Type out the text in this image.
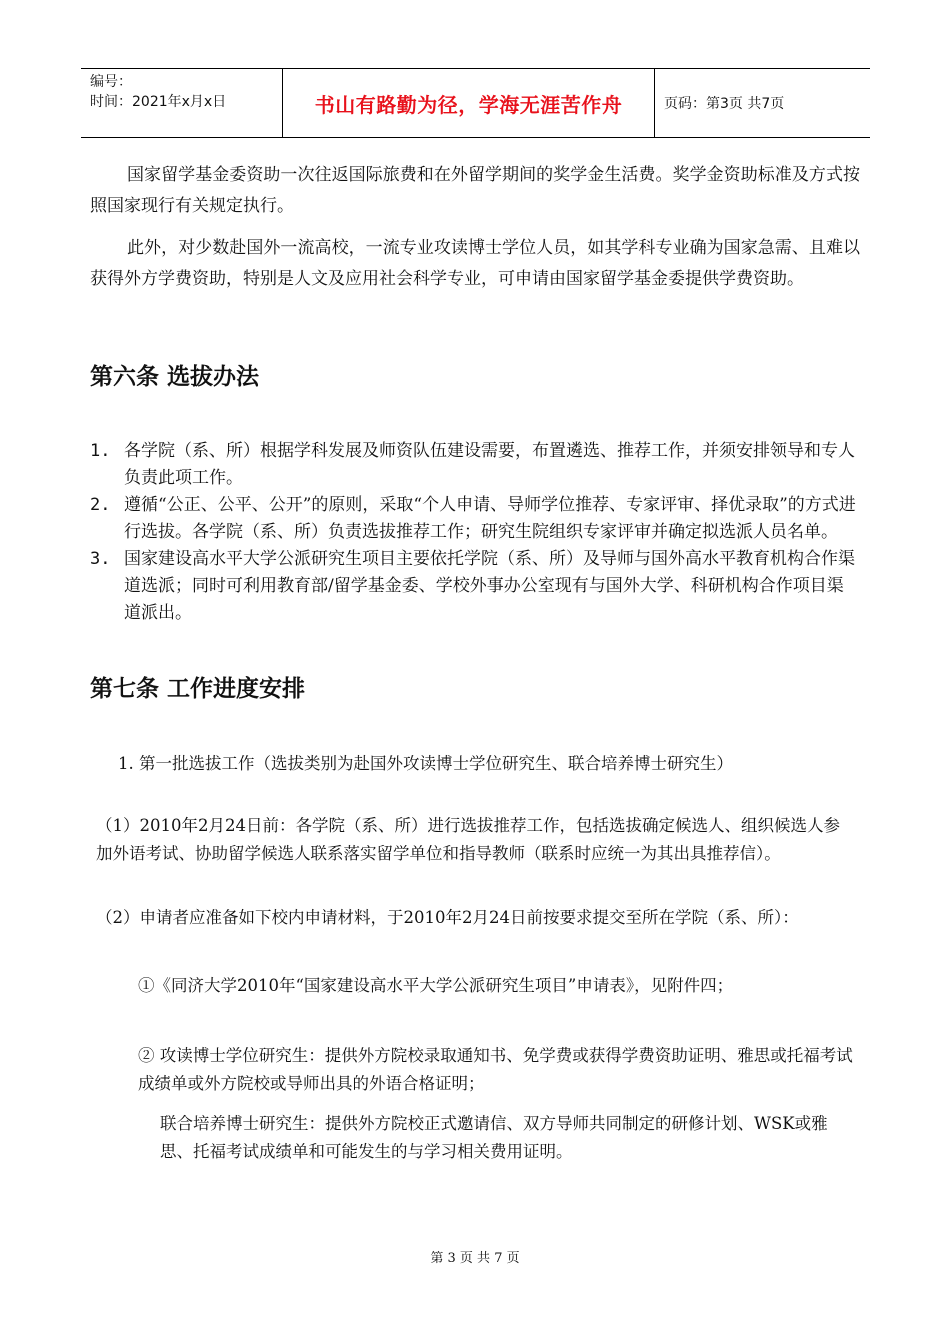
编号：
时间：2021年x月x日	书山有路勤为径，学海无涯苦作舟	页码：第3页 共7页
国家留学基金委资助一次往返国际旅费和在外留学期间的奖学金生活费。奖学金资助标准及方式按照国家现行有关规定执行。
此外，对少数赴国外一流高校，一流专业攻读博士学位人员，如其学科专业确为国家急需、且难以获得外方学费资助，特别是人文及应用社会科学专业，可申请由国家留学基金委提供学费资助。
第六条 选拔办法
1. 各学院（系、所）根据学科发展及师资队伍建设需要，布置遴选、推荐工作，并须安排领导和专人负责此项工作。
2. 遵循“公正、公平、公开”的原则，采取“个人申请、导师学位推荐、专家评审、择优录取”的方式进行选拔。各学院（系、所）负责选拔推荐工作；研究生院组织专家评审并确定拟选派人员名单。
3. 国家建设高水平大学公派研究生项目主要依托学院（系、所）及导师与国外高水平教育机构合作渠道选派；同时可利用教育部/留学基金委、学校外事办公室现有与国外大学、科研机构合作项目渠道派出。
第七条 工作进度安排
1. 第一批选拔工作（选拔类别为赴国外攻读博士学位研究生、联合培养博士研究生）
（1）2010年2月24日前：各学院（系、所）进行选拔推荐工作，包括选拔确定候选人、组织候选人参加外语考试、协助留学候选人联系落实留学单位和指导教师（联系时应统一为其出具推荐信）。
（2）申请者应准备如下校内申请材料，于2010年2月24日前按要求提交至所在学院（系、所）：
①《同济大学2010年“国家建设高水平大学公派研究生项目”申请表》，见附件四；
② 攻读博士学位研究生：提供外方院校录取通知书、免学费或获得学费资助证明、雅思或托福考试成绩单或外方院校或导师出具的外语合格证明；
联合培养博士研究生：提供外方院校正式邀请信、双方导师共同制定的研修计划、WSK或雅思、托福考试成绩单和可能发生的与学习相关费用证明。
第 3 页 共 7 页
